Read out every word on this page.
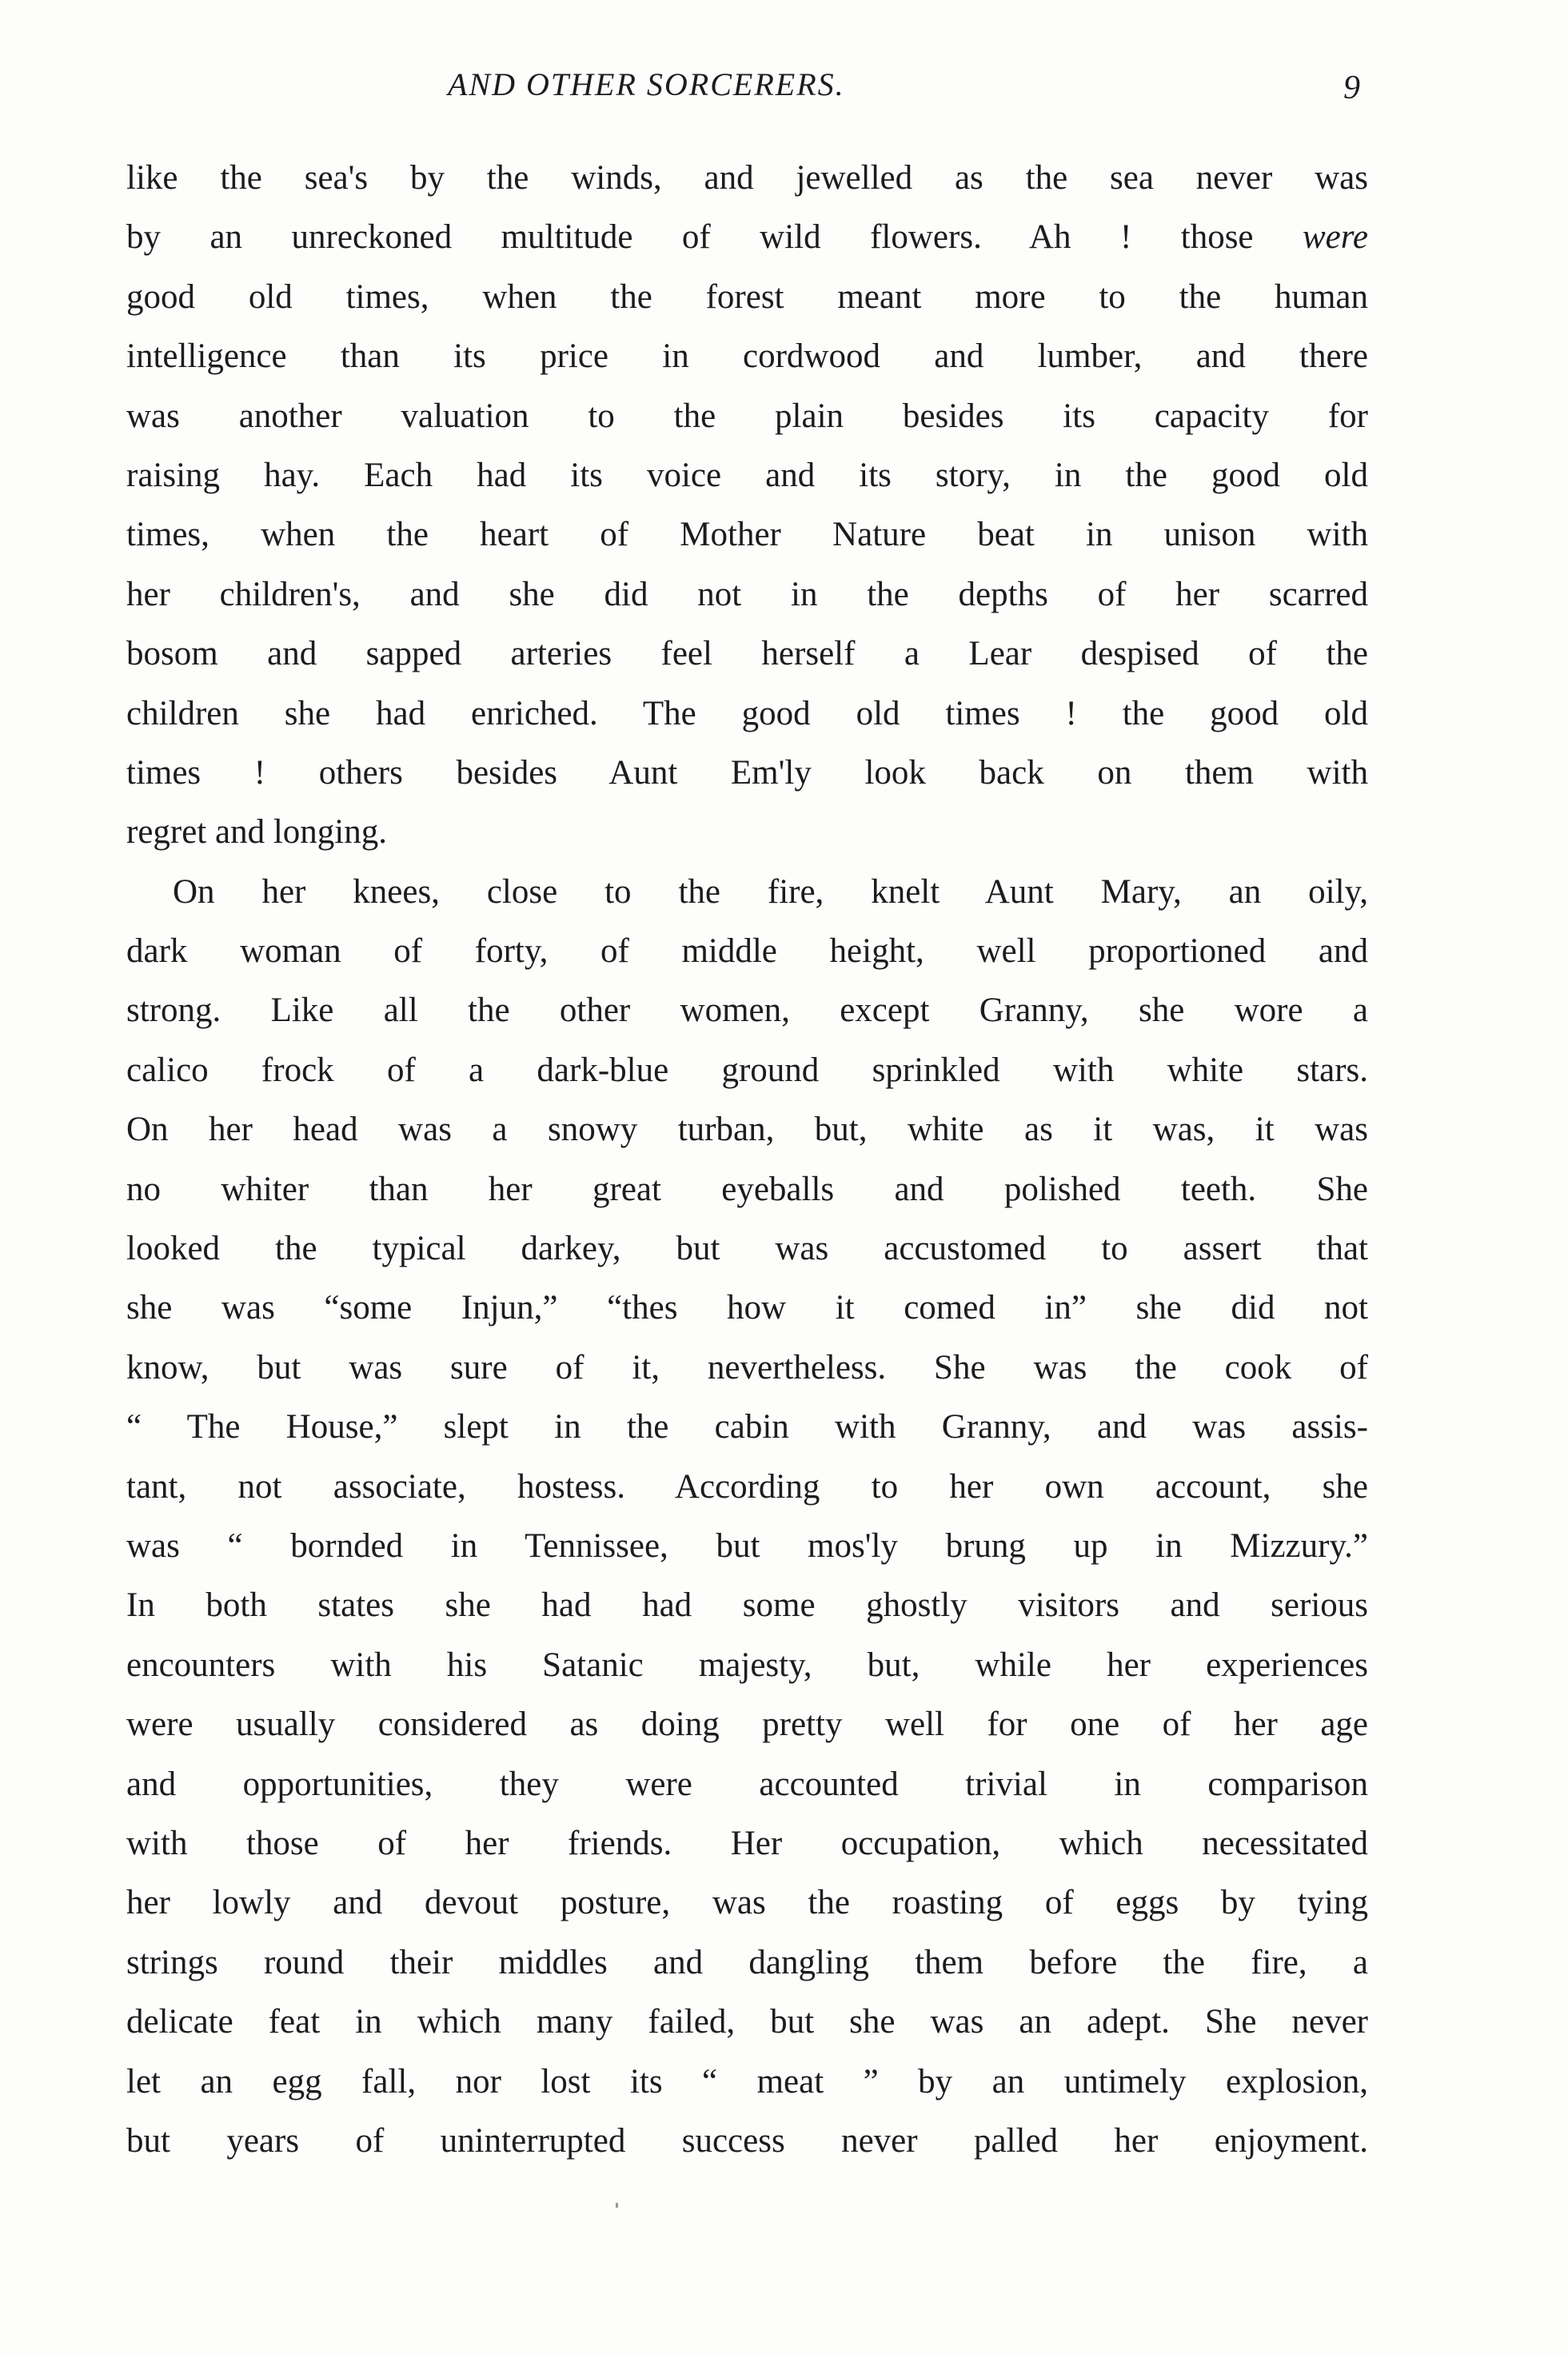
AND OTHER SORCERERS.	9
like the sea's by the winds, and jewelled as the sea never was
by an unreckoned multitude of wild flowers. Ah ! those were
good old times, when the forest meant more to the human
intelligence than its price in cordwood and lumber, and there
was another valuation to the plain besides its capacity for
raising hay. Each had its voice and its story, in the good old
times, when the heart of Mother Nature beat in unison with
her children's, and she did not in the depths of her scarred
bosom and sapped arteries feel herself a Lear despised of the
children she had enriched. The good old times ! the good old
times ! others besides Aunt Em'ly look back on them with
regret and longing.
On her knees, close to the fire, knelt Aunt Mary, an oily,
dark woman of forty, of middle height, well proportioned and
strong. Like all the other women, except Granny, she wore a
calico frock of a dark-blue ground sprinkled with white stars.
On her head was a snowy turban, but, white as it was, it was
no whiter than her great eyeballs and polished teeth. She
looked the typical darkey, but was accustomed to assert that
she was “some Injun,” “thes how it comed in” she did not
know, but was sure of it, nevertheless. She was the cook of
“ The House,” slept in the cabin with Granny, and was assis-
tant, not associate, hostess. According to her own account, she
was “ bornded in Tennissee, but mos'ly brung up in Mizzury.”
In both states she had had some ghostly visitors and serious
encounters with his Satanic majesty, but, while her experiences
were usually considered as doing pretty well for one of her age
and opportunities, they were accounted trivial in comparison
with those of her friends. Her occupation, which necessitated
her lowly and devout posture, was the roasting of eggs by tying
strings round their middles and dangling them before the fire, a
delicate feat in which many failed, but she was an adept. She never
let an egg fall, nor lost its “ meat ” by an untimely explosion,
but years of uninterrupted success never palled her enjoyment.
